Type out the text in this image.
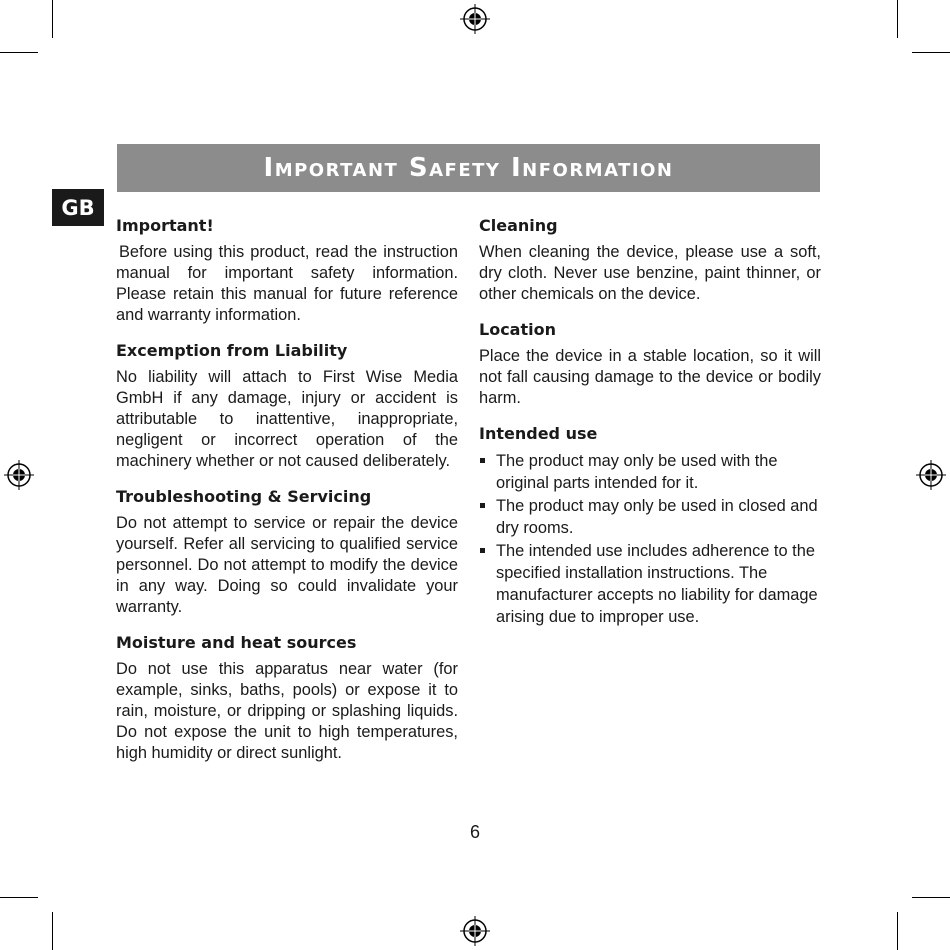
Important Safety Information
GB
Important!

Before using this product, read the instruction manual for important safety information. Please retain this manual for future reference and warranty information.

Excemption from Liability

No liability will attach to First Wise Media GmbH if any damage, injury or accident is attributable to inattentive, inappropriate, negligent or incorrect operation of the machinery whether or not caused deliberately.

Troubleshooting & Servicing

Do not attempt to service or repair the device yourself. Refer all servicing to qualified service personnel. Do not attempt to modify the device in any way. Doing so could invalidate your warranty.

Moisture and heat sources

Do not use this apparatus near water (for example, sinks, baths, pools) or expose it to rain, moisture, or dripping or splashing liquids. Do not expose the unit to high temperatures, high humidity or direct sunlight.

Cleaning

When cleaning the device, please use a soft, dry cloth. Never use benzine, paint thinner, or other chemicals on the device.

Location

Place the device in a stable location, so it will not fall causing damage to the device or bodily harm.

Intended use
The product may only be used with the original parts intended for it.
The product may only be used in closed and dry rooms.
The intended use includes adherence to the specified installation instructions. The manufacturer accepts no liability for damage arising due to improper use.
6
